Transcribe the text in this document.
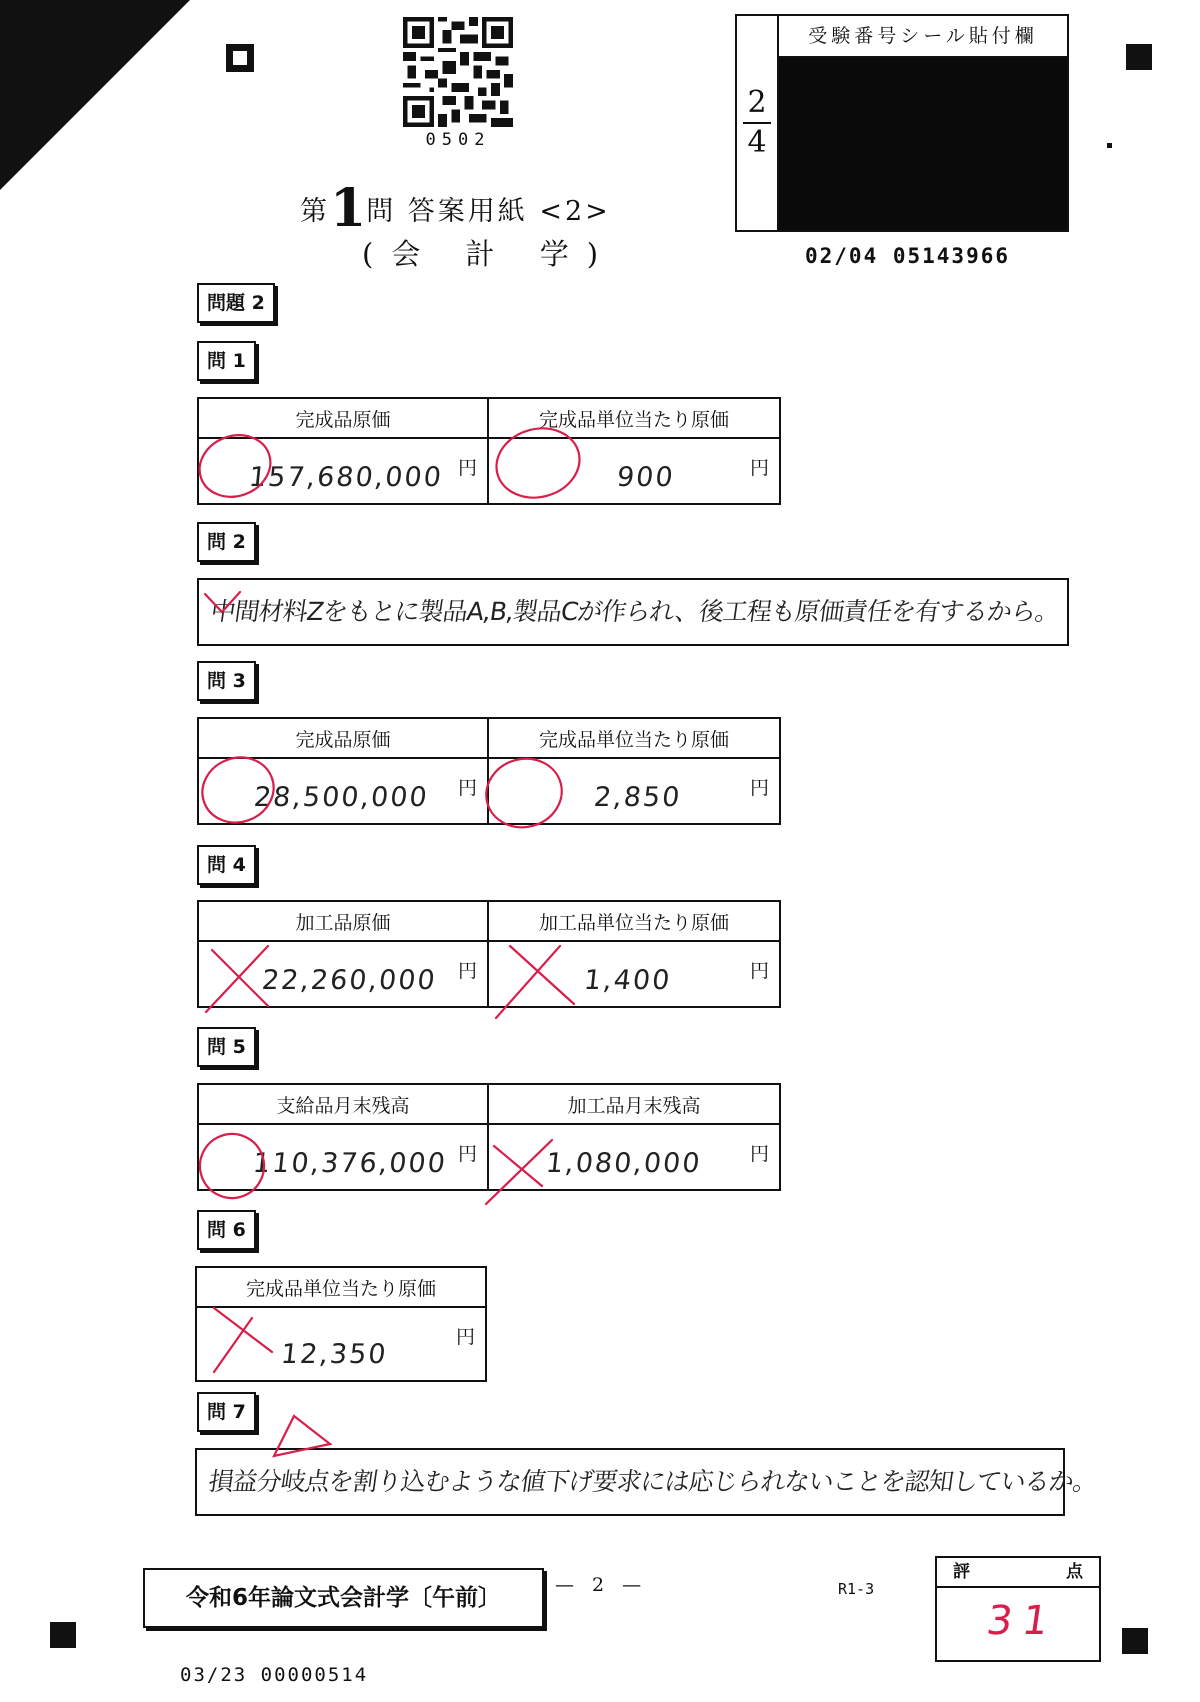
0502
第1問 答案用紙 <2>
(会 計 学)
2
4
受験番号シール貼付欄
02/04 05143966
問題 2
問 1
完成品原価	完成品単位当たり原価

157,680,000 円	900 円
問 2
中間材料Zをもとに製品A,B,製品Cが作られ、後工程も原価責任を有するから。
問 3
完成品原価	完成品単位当たり原価

28,500,000 円	2,850 円
問 4
加工品原価	加工品単位当たり原価

22,260,000 円	1,400 円
問 5
支給品月末残高	加工品月末残高

110,376,000 円	1,080,000 円
問 6
完成品単位当たり原価

12,350
円
問 7
損益分岐点を割り込むような値下げ要求には応じられないことを認知しているか。
令和6年論文式会計学〔午前〕	— 2 —	R1-3
評 点
31
03/23 00000514
